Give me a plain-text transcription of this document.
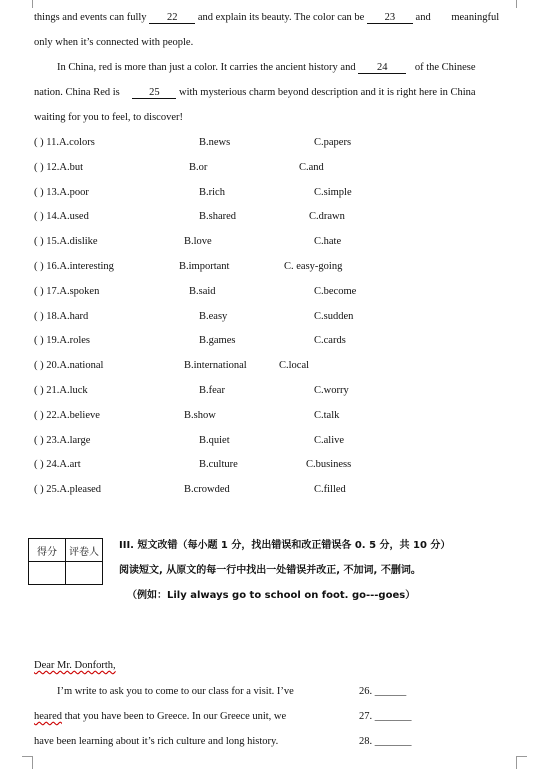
things and events can fully 22 and explain its beauty. The color can be 23 and meaningful
only when it’s connected with people.
In China, red is more than just a color. It carries the ancient history and 24	of the Chinese
nation. China Red is	25 with mysterious charm beyond description and it is right here in China
waiting for you to feel, to discover!
( ) 11.A.colors	B.news	C.papers
( ) 12.A.but	B.or	C.and
( ) 13.A.poor	B.rich	C.simple
( ) 14.A.used	B.shared	C.drawn
( ) 15.A.dislike	B.love	C.hate
( ) 16.A.interesting	B.important	C. easy-going
( ) 17.A.spoken	B.said	C.become
( ) 18.A.hard	B.easy	C.sudden
( ) 19.A.roles	B.games	C.cards
( ) 20.A.national	B.international	C.local
( ) 21.A.luck	B.fear	C.worry
( ) 22.A.believe	B.show	C.talk
( ) 23.A.large	B.quiet	C.alive
( ) 24.A.art	B.culture	C.business
( ) 25.A.pleased	B.crowded	C.filled
得分	评卷人

III. 短文改错（每小题 1 分，找出错误和改正错误各 0. 5 分，共 10 分）
阅读短文, 从原文的每一行中找出一处错误并改正, 不加词, 不删词。
（例如：Lily always go to school on foot. go---goes）
Dear Mr. Donforth,
I’m write to ask you to come to our class for a visit. I’ve	26. ______
heared that you have been to Greece. In our Greece unit, we	27. _______
have been learning about it’s rich culture and long history.	28. _______
